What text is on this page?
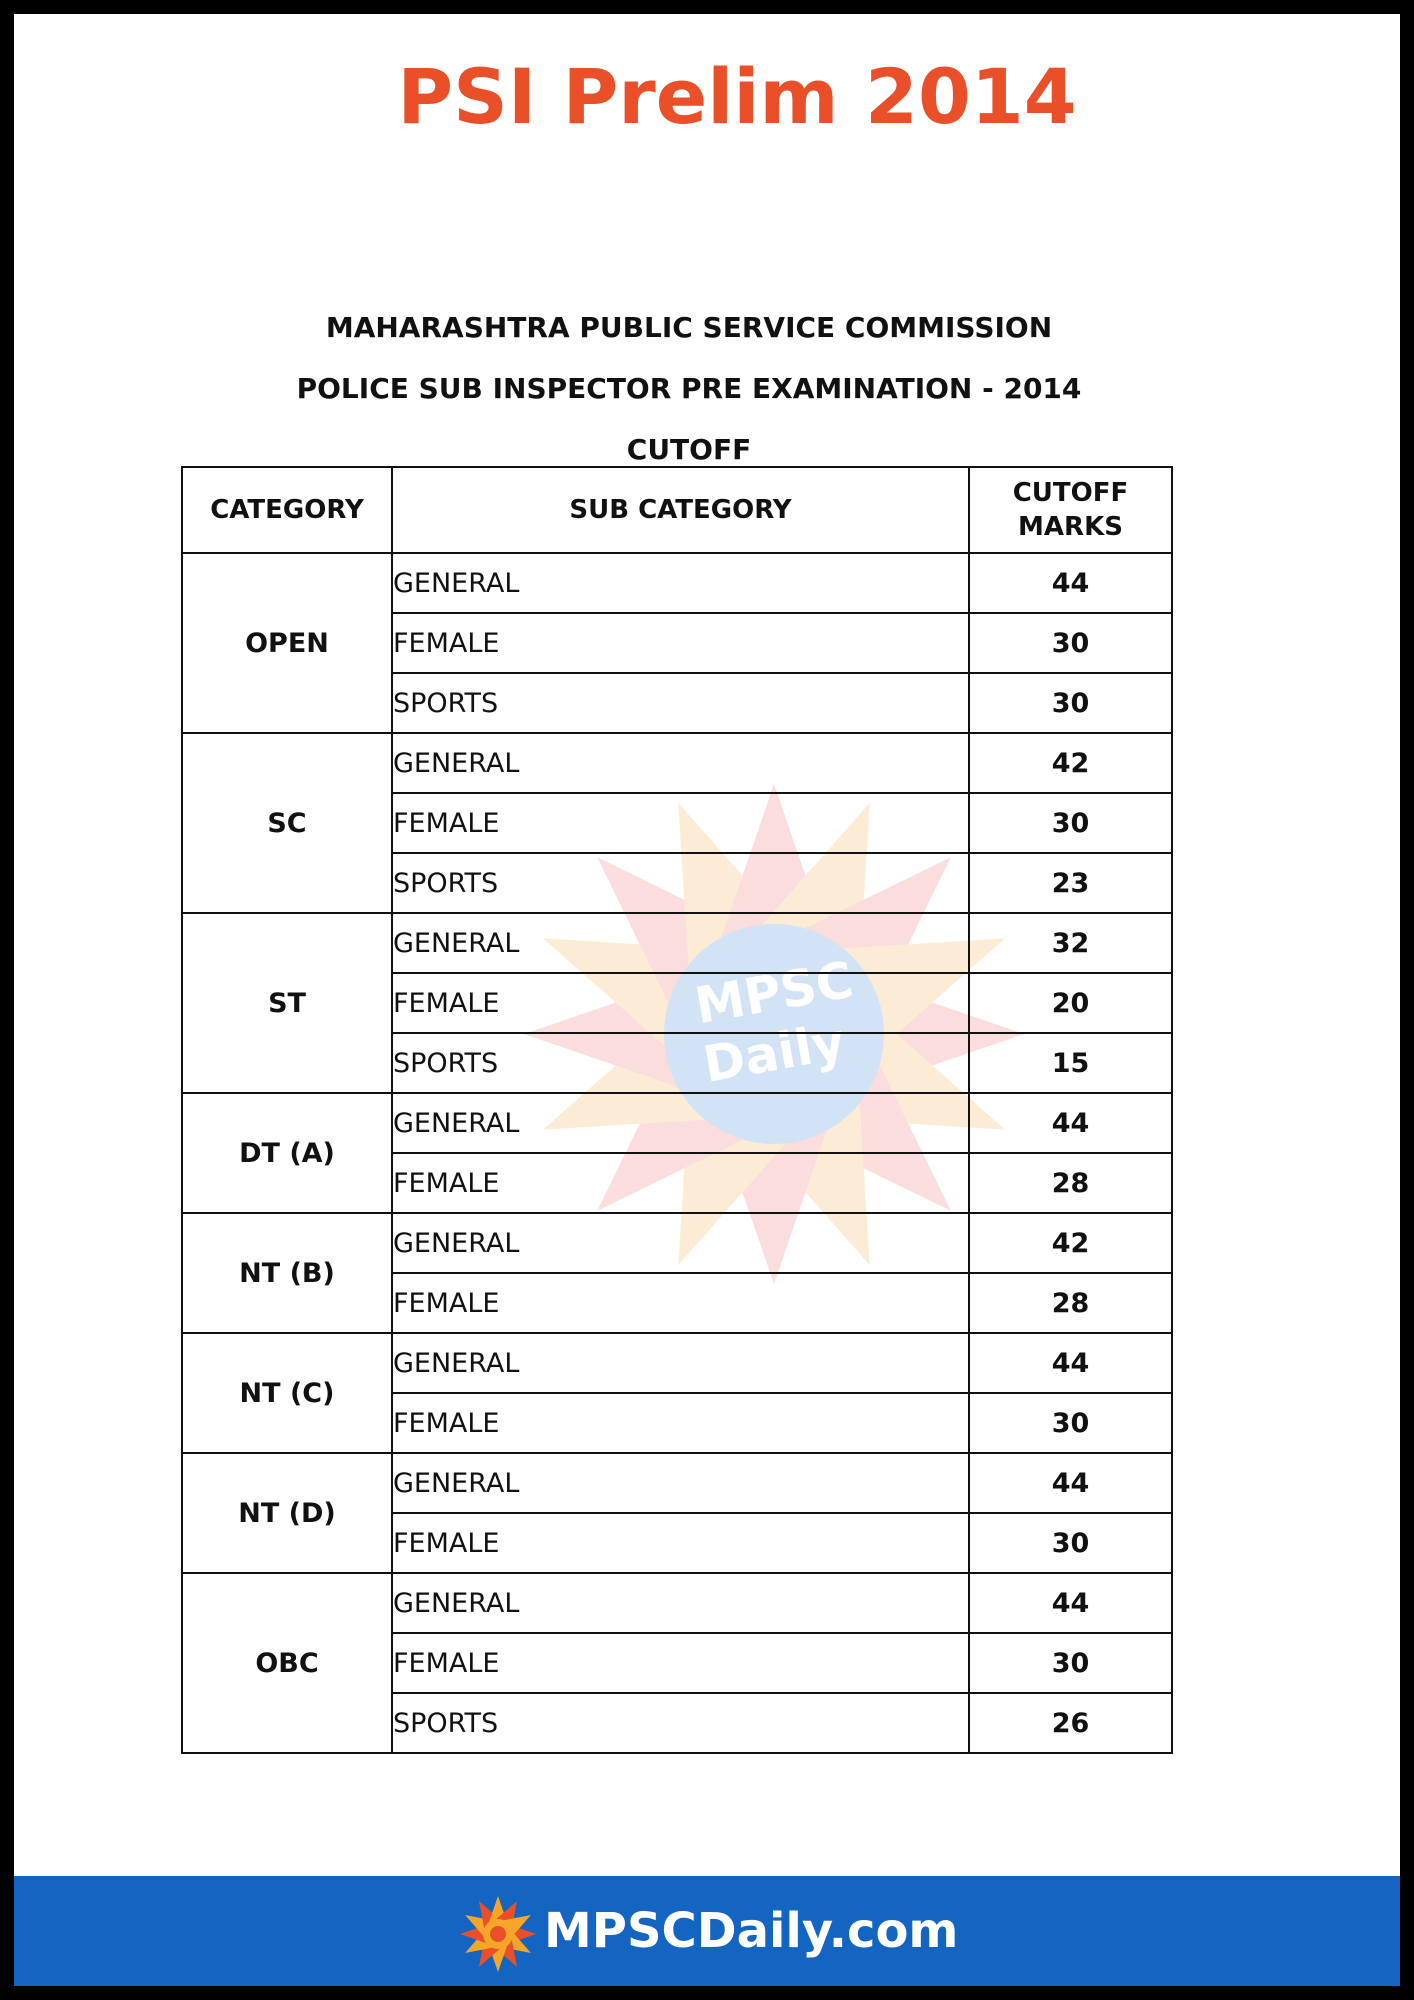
PSI Prelim 2014
MAHARASHTRA PUBLIC SERVICE COMMISSION
POLICE SUB INSPECTOR PRE EXAMINATION - 2014
CUTOFF
MPSC
Daily
CATEGORY	SUB CATEGORY	CUTOFF
MARKS

OPEN	GENERAL	44
	FEMALE	30
	SPORTS	30
SC	GENERAL	42
	FEMALE	30
	SPORTS	23
ST	GENERAL	32
	FEMALE	20
	SPORTS	15
DT (A)	GENERAL	44
	FEMALE	28
NT (B)	GENERAL	42
	FEMALE	28
NT (C)	GENERAL	44
	FEMALE	30
NT (D)	GENERAL	44
	FEMALE	30
OBC	GENERAL	44
	FEMALE	30
	SPORTS	26
MPSCDaily.com
